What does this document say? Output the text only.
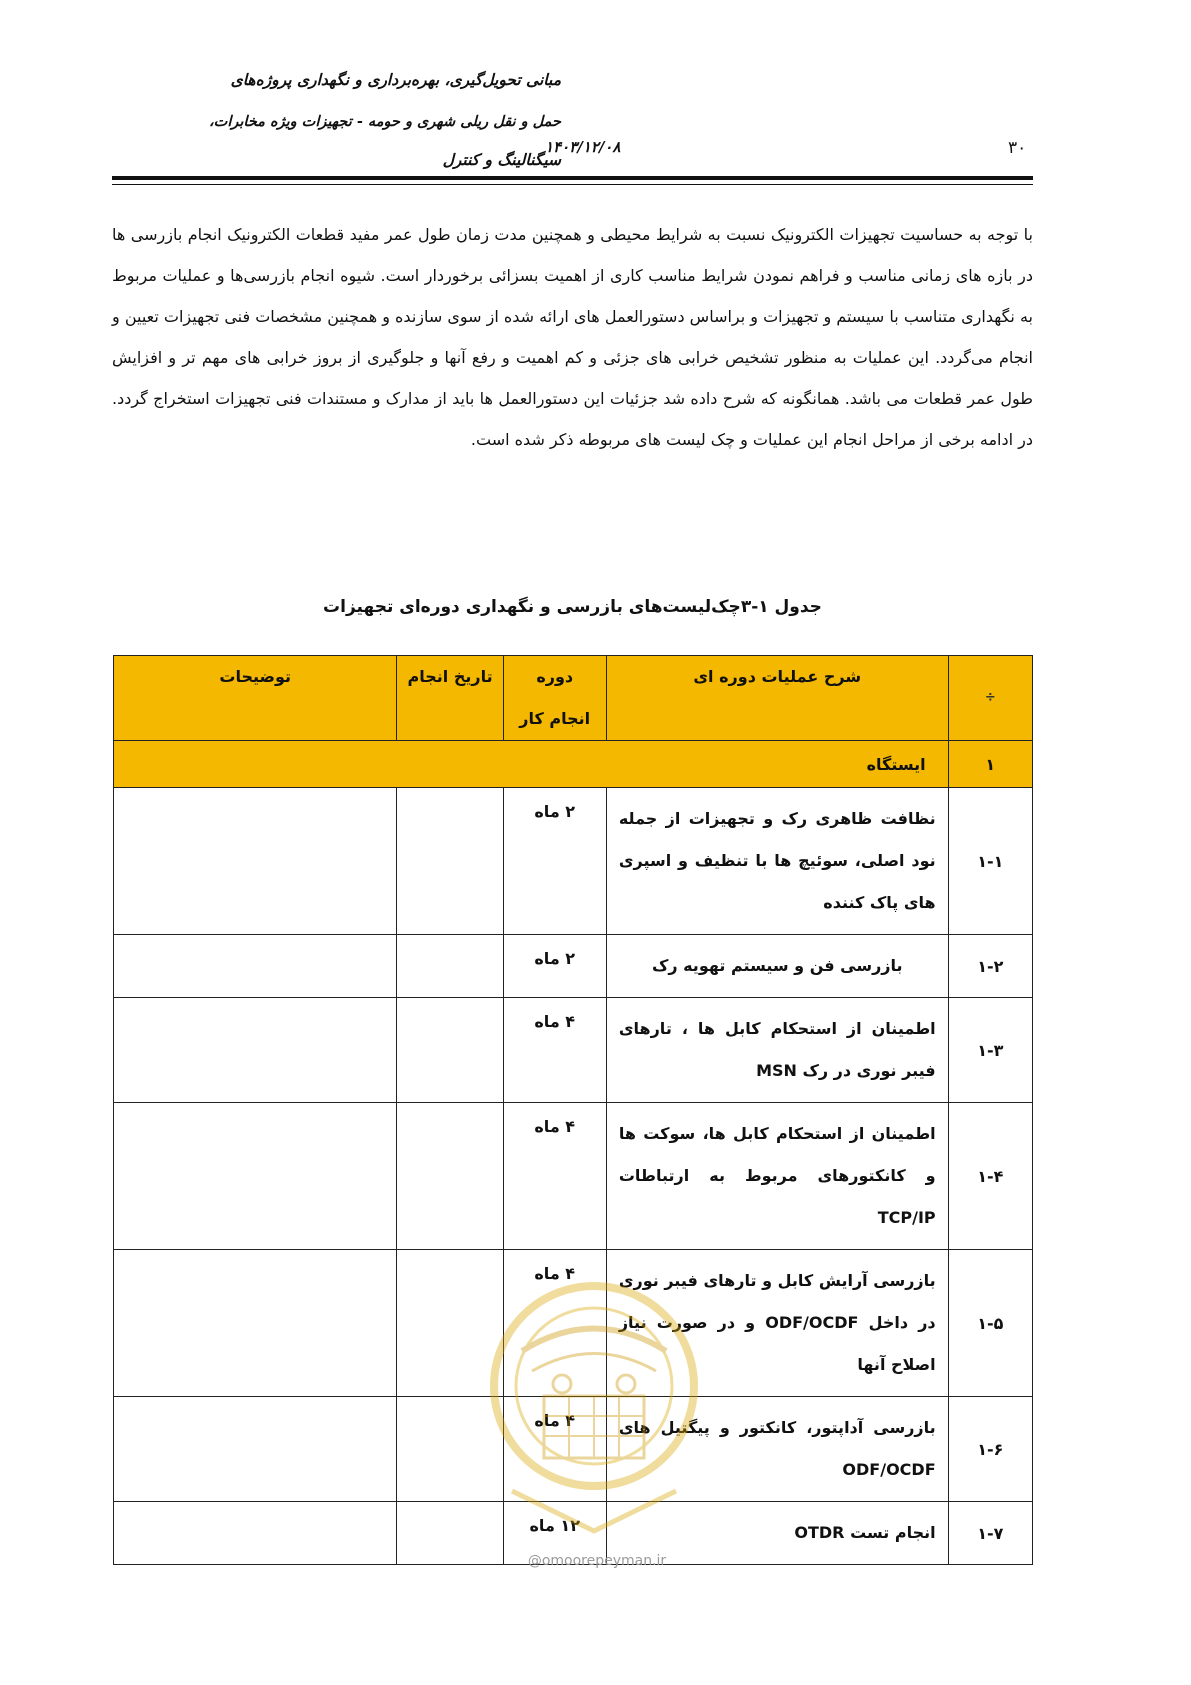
مبانی تحویل‌گیری، بهره‌برداری و نگهداری پروژه‌های
حمل و نقل ریلی شهری و حومه - تجهیزات ویژه مخابرات،
سیگنالینگ و کنترل
۱۴۰۳/۱۲/۰۸	۳۰
با توجه به حساسیت تجهیزات الکترونیک نسبت به شرایط محیطی و همچنین مدت زمان طول عمر مفید قطعات الکترونیک انجام بازرسی ها در بازه های زمانی مناسب و فراهم نمودن شرایط مناسب کاری از اهمیت بسزائی برخوردار است. شیوه انجام بازرسی‌ها و عملیات مربوط به نگهداری متناسب با سیستم و تجهیزات و براساس دستورالعمل های ارائه شده از سوی سازنده و همچنین مشخصات فنی تجهیزات تعیین و انجام می‌گردد. این عملیات به منظور تشخیص خرابی های جزئی و کم اهمیت و رفع آنها و جلوگیری از بروز خرابی های مهم تر و افزایش طول عمر قطعات می باشد. همانگونه که شرح داده شد جزئیات این دستورالعمل ها باید از مدارک و مستندات فنی تجهیزات استخراج گردد. در ادامه برخی از مراحل انجام این عملیات و چک لیست های مربوطه ذکر شده است.
جدول ‎۳-۱‎چک‌لیست‌های بازرسی و نگهداری دوره‌ای تجهیزات
÷	شرح عملیات دوره ای	دوره انجام کار	تاریخ انجام	توضیحات
۱	ایستگاه			
۱-۱	نظافت ظاهری رک و تجهیزات از جمله نود اصلی، سوئیچ ها با تنظیف و اسپری های پاک کننده	۲ ماه		
۱-۲	بازرسی فن و سیستم تهویه رک	۲ ماه		
۱-۳	اطمینان از استحکام کابل ها ، تارهای فیبر نوری در رک MSN	۴ ماه		
۱-۴	اطمینان از استحکام کابل ها، سوکت ها و کانکتورهای مربوط به ارتباطات TCP/IP	۴ ماه		
۱-۵	بازرسی آرایش کابل و تارهای فیبر نوری در داخل ODF/OCDF و در صورت نیاز اصلاح آنها	۴ ماه		
۱-۶	بازرسی آداپتور، کانکتور و پیگتیل های ODF/OCDF	۴ ماه		
۱-۷	انجام تست OTDR	۱۲ ماه		
@omoorepeyman.ir
